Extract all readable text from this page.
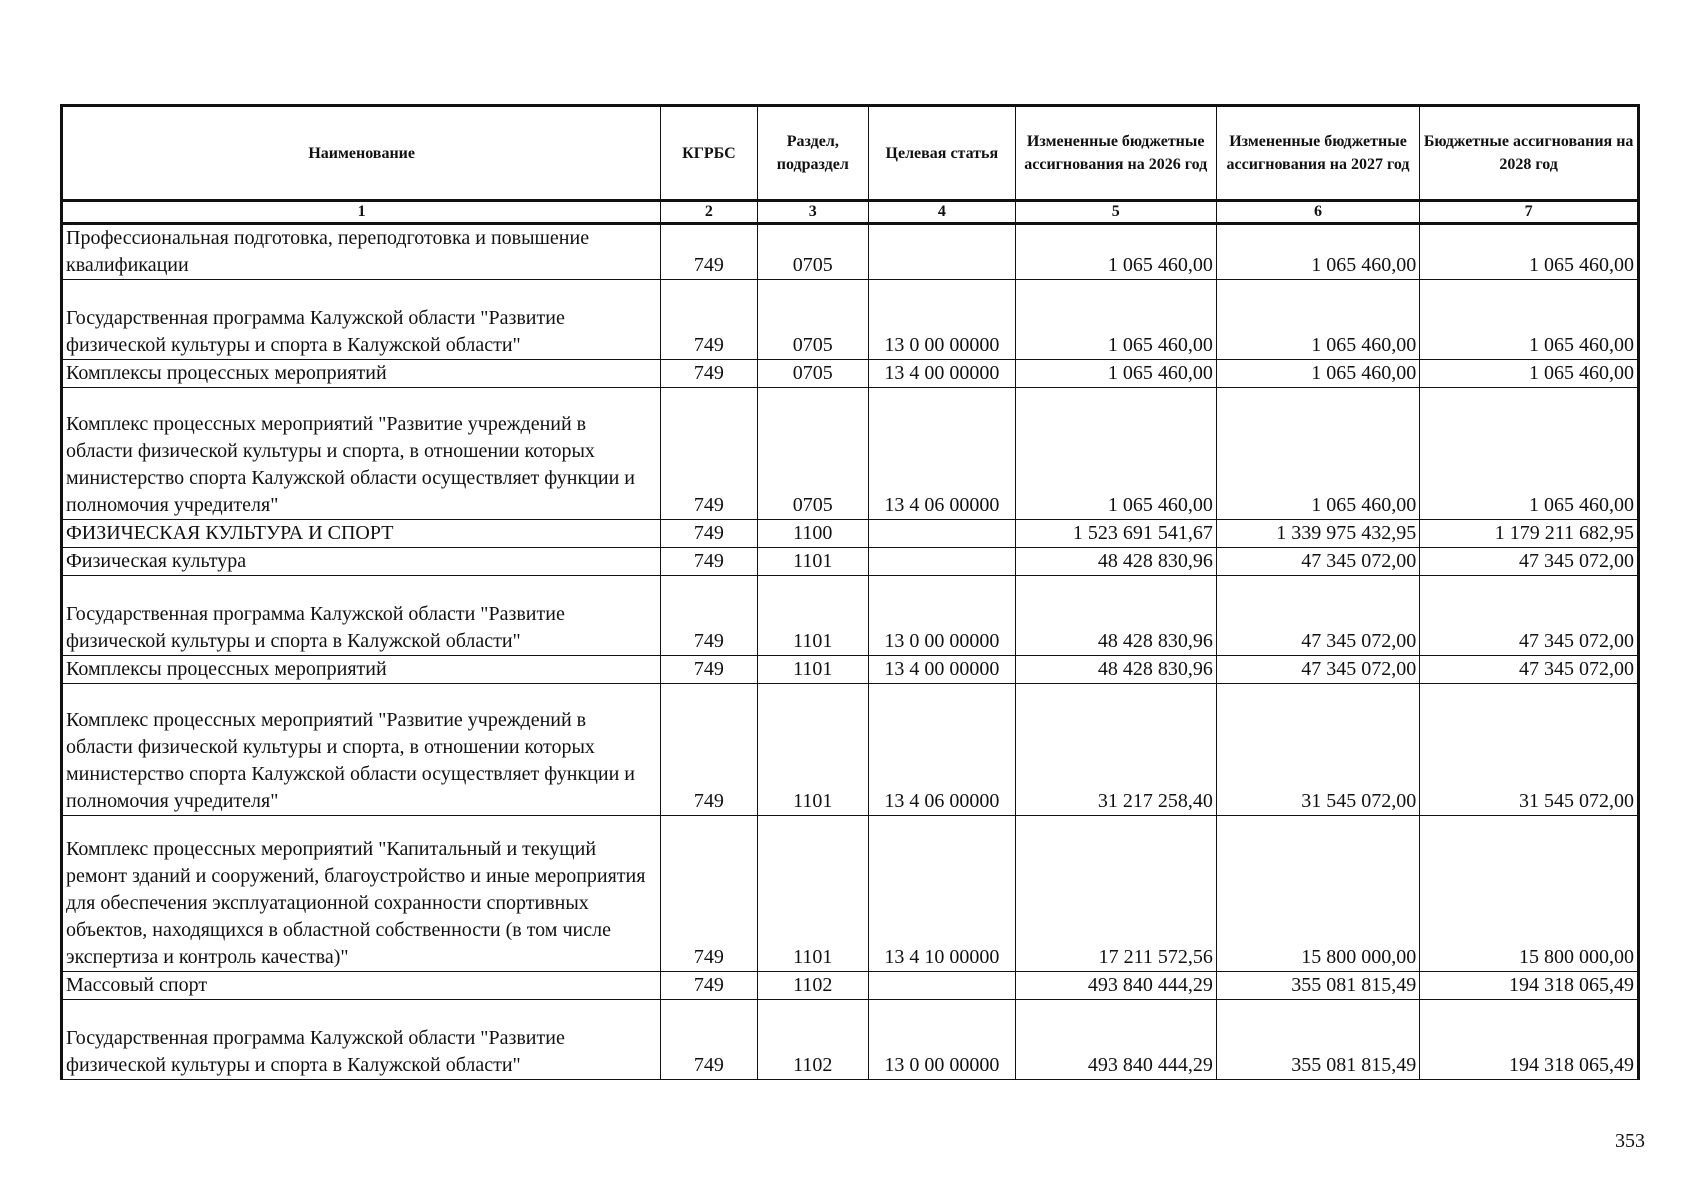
Наименование	КГРБС	Раздел, подраздел	Целевая статья	Измененные бюджетные ассигнования на 2026 год	Измененные бюджетные ассигнования на 2027 год	Бюджетные ассигнования на 2028 год
1	2	3	4	5	6	7
Профессиональная подготовка, переподготовка и повышение квалификации	749	0705		1 065 460,00	1 065 460,00	1 065 460,00
Государственная программа Калужской области "Развитие физической культуры и спорта в Калужской области"	749	0705	13 0 00 00000	1 065 460,00	1 065 460,00	1 065 460,00
Комплексы процессных мероприятий	749	0705	13 4 00 00000	1 065 460,00	1 065 460,00	1 065 460,00
Комплекс процессных мероприятий "Развитие учреждений в области физической культуры и спорта, в отношении которых министерство спорта Калужской области осуществляет функции и полномочия учредителя"	749	0705	13 4 06 00000	1 065 460,00	1 065 460,00	1 065 460,00
ФИЗИЧЕСКАЯ КУЛЬТУРА И СПОРТ	749	1100		1 523 691 541,67	1 339 975 432,95	1 179 211 682,95
Физическая культура	749	1101		48 428 830,96	47 345 072,00	47 345 072,00
Государственная программа Калужской области "Развитие физической культуры и спорта в Калужской области"	749	1101	13 0 00 00000	48 428 830,96	47 345 072,00	47 345 072,00
Комплексы процессных мероприятий	749	1101	13 4 00 00000	48 428 830,96	47 345 072,00	47 345 072,00
Комплекс процессных мероприятий "Развитие учреждений в области физической культуры и спорта, в отношении которых министерство спорта Калужской области осуществляет функции и полномочия учредителя"	749	1101	13 4 06 00000	31 217 258,40	31 545 072,00	31 545 072,00
Комплекс процессных мероприятий "Капитальный и текущий ремонт зданий и сооружений, благоустройство и иные мероприятия для обеспечения эксплуатационной сохранности спортивных объектов, находящихся в областной собственности (в том числе экспертиза и контроль качества)"	749	1101	13 4 10 00000	17 211 572,56	15 800 000,00	15 800 000,00
Массовый спорт	749	1102		493 840 444,29	355 081 815,49	194 318 065,49
Государственная программа Калужской области "Развитие физической культуры и спорта в Калужской области"	749	1102	13 0 00 00000	493 840 444,29	355 081 815,49	194 318 065,49
353
